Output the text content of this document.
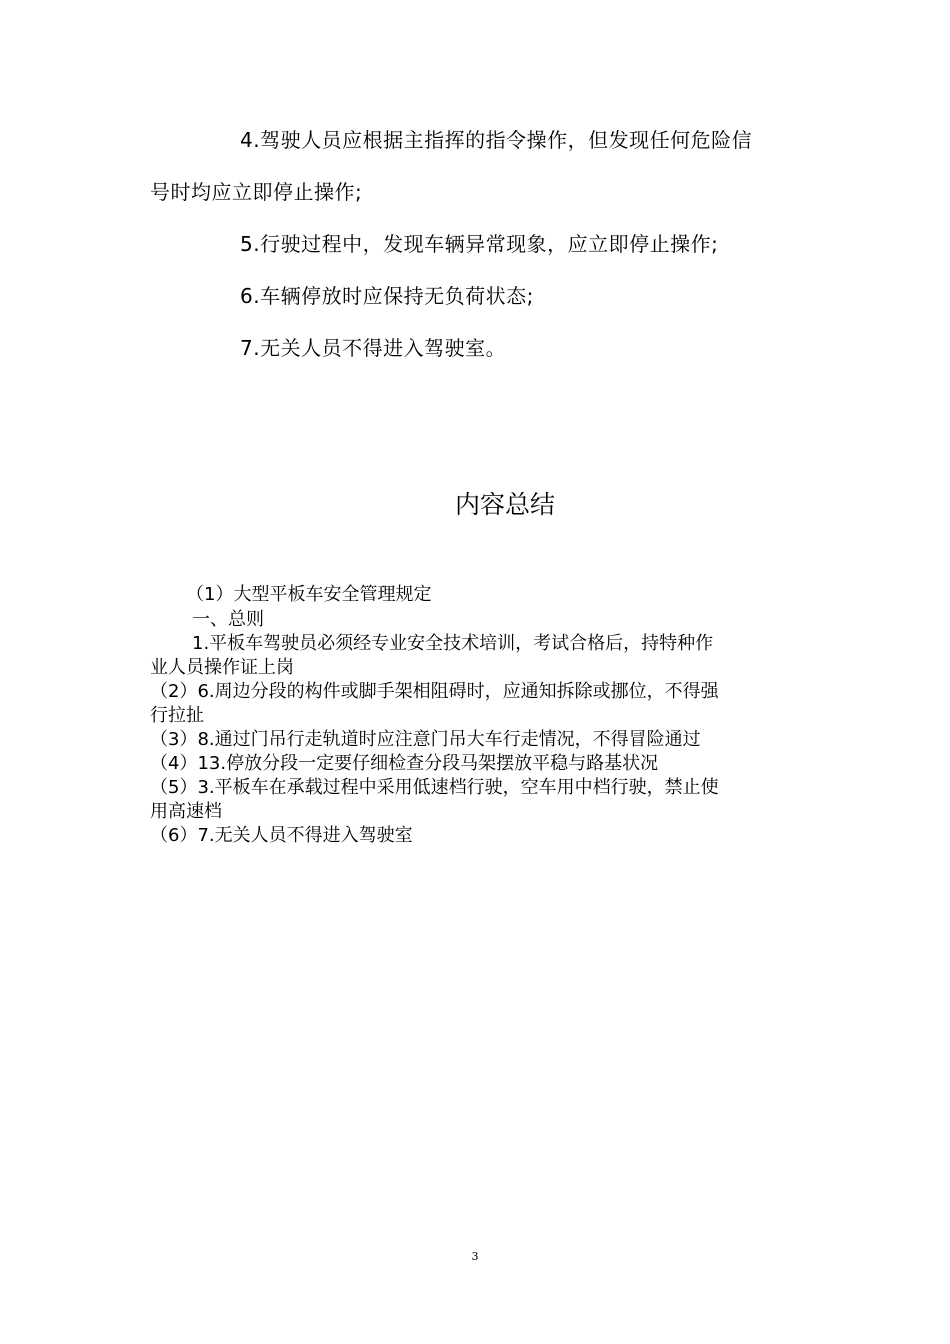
4.驾驶人员应根据主指挥的指令操作，但发现任何危险信
号时均应立即停止操作;
5.行驶过程中，发现车辆异常现象，应立即停止操作;
6.车辆停放时应保持无负荷状态;
7.无关人员不得进入驾驶室。
内容总结
（1）大型平板车安全管理规定
一、总则
1.平板车驾驶员必须经专业安全技术培训，考试合格后，持特种作
业人员操作证上岗
（2）6.周边分段的构件或脚手架相阻碍时，应通知拆除或挪位，不得强
行拉扯
（3）8.通过门吊行走轨道时应注意门吊大车行走情况，不得冒险通过
（4）13.停放分段一定要仔细检查分段马架摆放平稳与路基状况
（5）3.平板车在承载过程中采用低速档行驶，空车用中档行驶，禁止使
用高速档
（6）7.无关人员不得进入驾驶室
3
